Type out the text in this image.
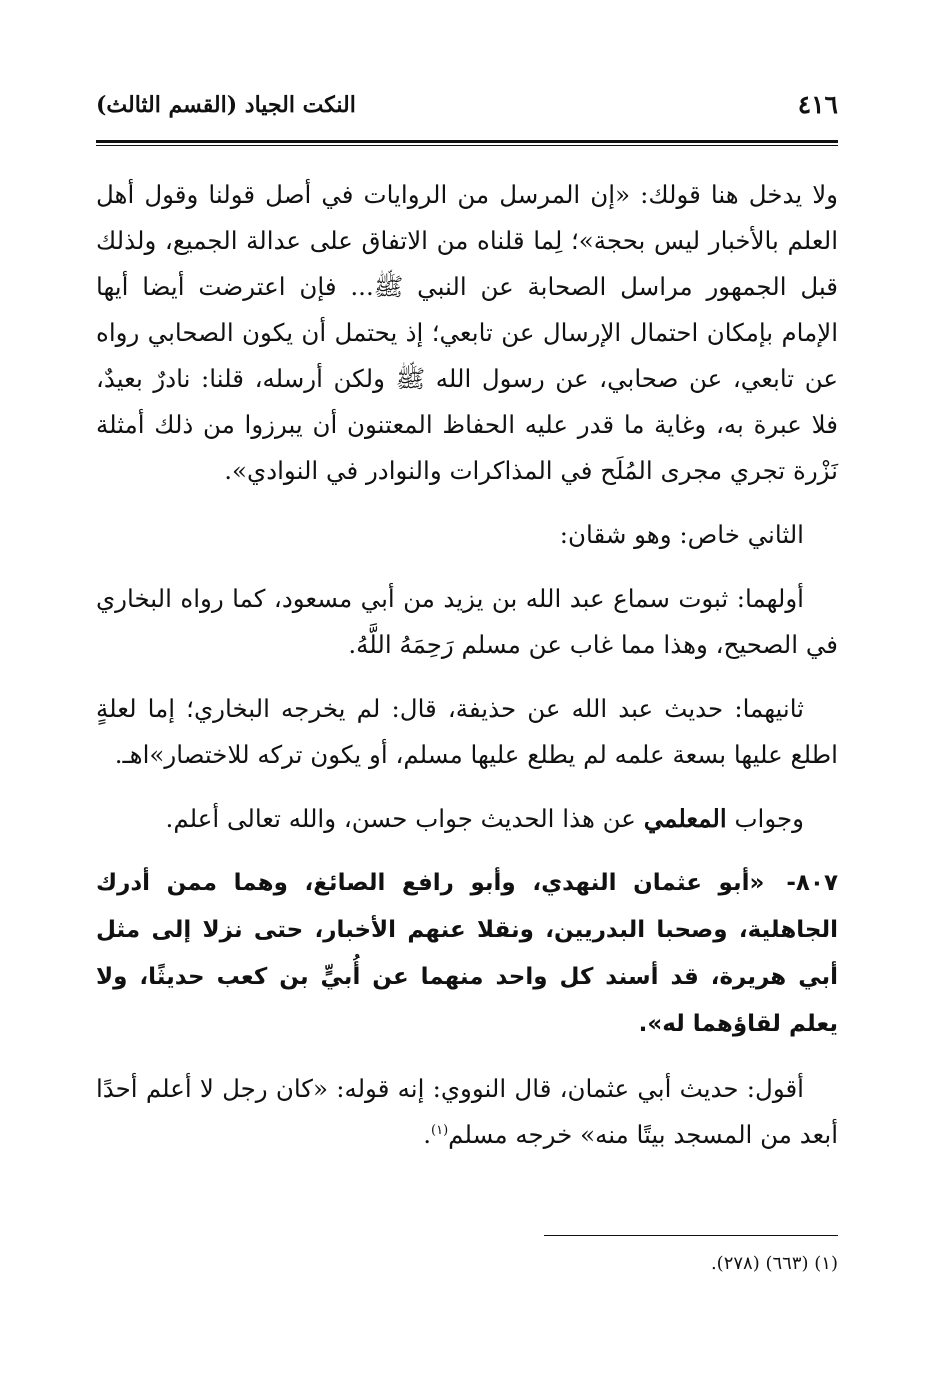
٤١٦
النكت الجياد (القسم الثالث)

ولا يدخل هنا قولك: «إن المرسل من الروايات في أصل قولنا وقول أهل العلم بالأخبار ليس بحجة»؛ لِما قلناه من الاتفاق على عدالة الجميع، ولذلك قبل الجمهور مراسل الصحابة عن النبي ﷺ... فإن اعترضت أيضا أيها الإمام بإمكان احتمال الإرسال عن تابعي؛ إذ يحتمل أن يكون الصحابي رواه عن تابعي، عن صحابي، عن رسول الله ﷺ ولكن أرسله، قلنا: نادرٌ بعيدٌ، فلا عبرة به، وغاية ما قدر عليه الحفاظ المعتنون أن يبرزوا من ذلك أمثلة نَزْرة تجري مجرى المُلَح في المذاكرات والنوادر في النوادي».

الثاني خاص: وهو شقان:

أولهما: ثبوت سماع عبد الله بن يزيد من أبي مسعود، كما رواه البخاري في الصحيح، وهذا مما غاب عن مسلم رَحِمَهُ اللَّهُ.

ثانيهما: حديث عبد الله عن حذيفة، قال: لم يخرجه البخاري؛ إما لعلةٍ اطلع عليها بسعة علمه لم يطلع عليها مسلم، أو يكون تركه للاختصار»اهـ.

وجواب المعلمي عن هذا الحديث جواب حسن، والله تعالى أعلم.

٨٠٧-«أبو عثمان النهدي، وأبو رافع الصائغ، وهما ممن أدرك الجاهلية، وصحبا البدريين، ونقلا عنهم الأخبار، حتى نزلا إلى مثل أبي هريرة، قد أسند كل واحد منهما عن أُبيٍّ بن كعب حديثًا، ولا يعلم لقاؤهما له».

أقول: حديث أبي عثمان، قال النووي: إنه قوله: «كان رجل لا أعلم أحدًا أبعد من المسجد بيتًا منه» خرجه مسلم$^{(١)}$.

(١) (٦٦٣) (٢٧٨).
